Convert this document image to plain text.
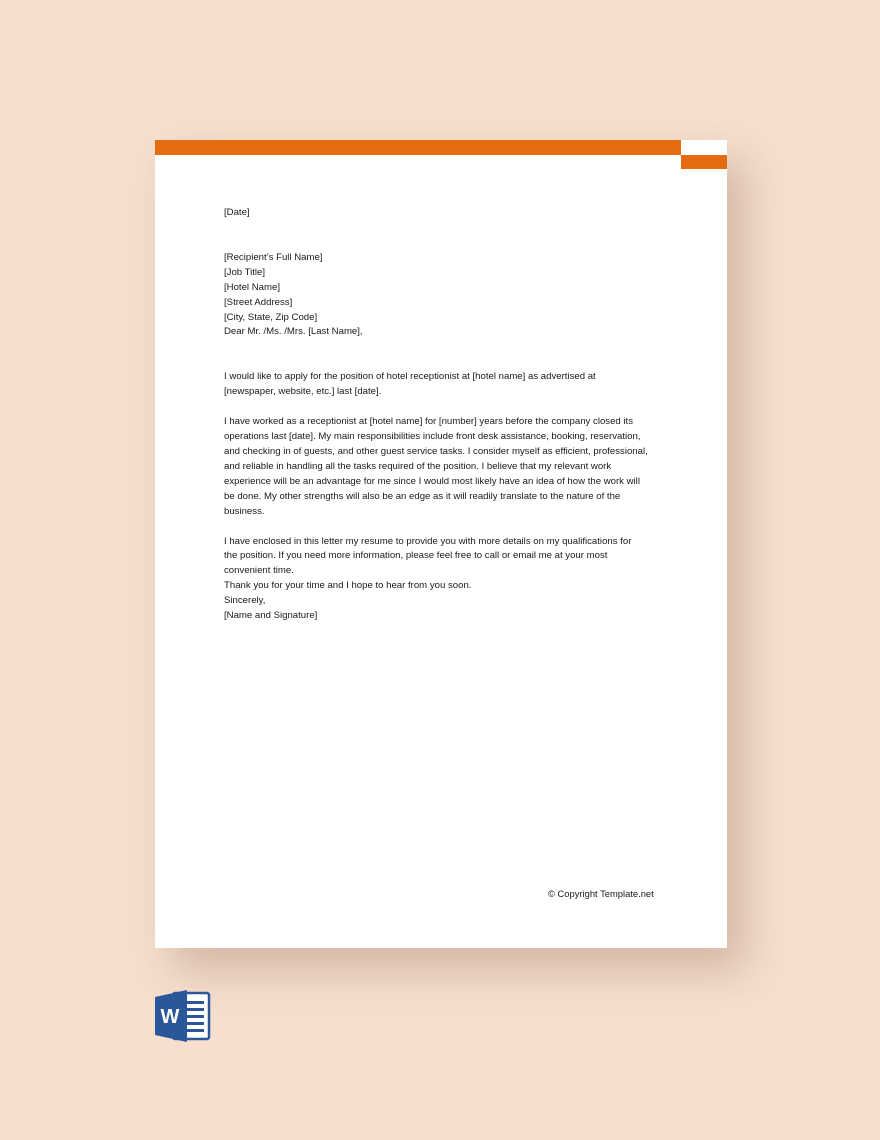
[Date]

[Recipient’s Full Name]
[Job Title]
[Hotel Name]
[Street Address]
[City, State, Zip Code]

Dear Mr. /Ms. /Mrs. [Last Name],

I would like to apply for the position of hotel receptionist at [hotel name] as advertised at
[newspaper, website, etc.] last [date].
I have worked as a receptionist at [hotel name] for [number] years before the company closed its
operations last [date]. My main responsibilities include front desk assistance, booking, reservation,
and checking in of guests, and other guest service tasks. I consider myself as efficient, professional,
and reliable in handling all the tasks required of the position. I believe that my relevant work
experience will be an advantage for me since I would most likely have an idea of how the work will
be done. My other strengths will also be an edge as it will readily translate to the nature of the
business.
I have enclosed in this letter my resume to provide you with more details on my qualifications for
the position. If you need more information, please feel free to call or email me at your most
convenient time.

Thank you for your time and I hope to hear from you soon.

Sincerely,

[Name and Signature]

© Copyright Template.net
W
